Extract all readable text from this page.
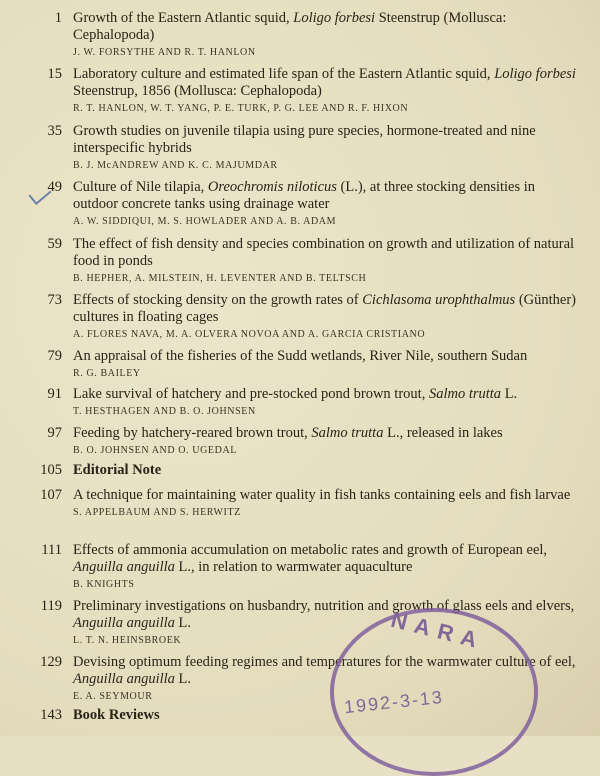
1 Growth of the Eastern Atlantic squid, Loligo forbesi Steenstrup (Mollusca: Cephalopoda)

J. W. FORSYTHE AND R. T. HANLON
15 Laboratory culture and estimated life span of the Eastern Atlantic squid, Loligo forbesi Steenstrup, 1856 (Mollusca: Cephalopoda)

R. T. HANLON, W. T. YANG, P. E. TURK, P. G. LEE AND R. F. HIXON
35 Growth studies on juvenile tilapia using pure species, hormone-treated and nine interspecific hybrids

B. J. McANDREW AND K. C. MAJUMDAR
49 Culture of Nile tilapia, Oreochromis niloticus (L.), at three stocking densities in outdoor concrete tanks using drainage water

A. W. SIDDIQUI, M. S. HOWLADER AND A. B. ADAM
59 The effect of fish density and species combination on growth and utilization of natural food in ponds

B. HEPHER, A. MILSTEIN, H. LEVENTER AND B. TELTSCH
73 Effects of stocking density on the growth rates of Cichlasoma urophthalmus (Günther) cultures in floating cages

A. FLORES NAVA, M. A. OLVERA NOVOA AND A. GARCIA CRISTIANO
79 An appraisal of the fisheries of the Sudd wetlands, River Nile, southern Sudan

R. G. BAILEY
91 Lake survival of hatchery and pre-stocked pond brown trout, Salmo trutta L.

T. HESTHAGEN AND B. O. JOHNSEN
97 Feeding by hatchery-reared brown trout, Salmo trutta L., released in lakes

B. O. JOHNSEN AND O. UGEDAL
105 Editorial Note

107 A technique for maintaining water quality in fish tanks containing eels and fish larvae

S. APPELBAUM AND S. HERWITZ
111 Effects of ammonia accumulation on metabolic rates and growth of European eel, Anguilla anguilla L., in relation to warmwater aquaculture

B. KNIGHTS
119 Preliminary investigations on husbandry, nutrition and growth of glass eels and elvers, Anguilla anguilla L.

L. T. N. HEINSBROEK
129 Devising optimum feeding regimes and temperatures for the warmwater culture of eel, Anguilla anguilla L.

E. A. SEYMOUR
143 Book Reviews

NARA
1992-3-13
